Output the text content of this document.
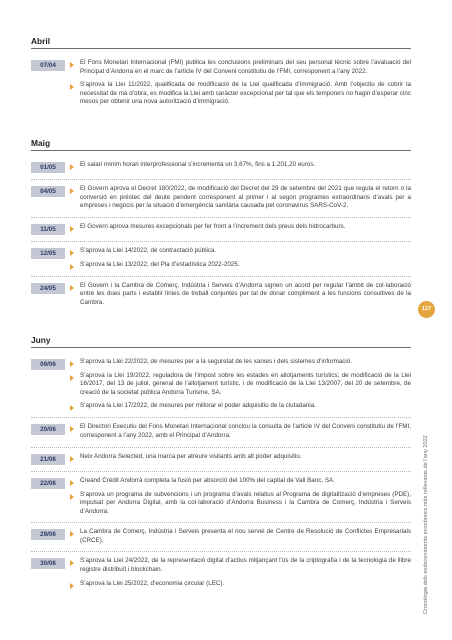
Abril
07/04	El Fons Monetari Internacional (FMI) publica les conclusions preliminars del seu personal tècnic sobre l’avaluació del Principat d’Andorra en el marc de l’article IV del Conveni constitutiu de l’FMI, corresponent a l’any 2022.
S’aprova la Llei 11/2022, qualificada de modificació de la Llei qualificada d’immigració. Amb l’objectiu de cobrir la necessitat de mà d’obra, es modifica la Llei amb caràcter excepcional per tal que els temporers no hagin d’esperar cinc mesos per obtenir una nova autorització d’immigració.
Maig
01/05	El salari mínim horari interprofessional s’incrementa un 3,67%, fins a 1.201,20 euros.
04/05	El Govern aprova el Decret 180/2022, de modificació del Decret del 29 de setembre del 2021 que regula el retorn o la conversió en préstec del deute pendent corresponent al primer i al segon programes extraordinaris d’avals per a empreses i negocis per la situació d’emergència sanitària causada pel coronavirus SARS-CoV-2.
11/05	El Govern aprova mesures excepcionals per fer front a l’increment dels preus dels hidrocarburs.
12/05	S’aprova la Llei 14/2022, de contractació pública.
S’aprova la Llei 13/2022, del Pla d’estadística 2022-2025.
24/05	El Govern i la Cambra de Comerç, Indústria i Serveis d’Andorra signen un acord per regular l’àmbit de col·laboració entre les dues parts i establir línies de treball conjuntes per tal de donar compliment a les funcions consultives de la Cambra.
Juny
09/06	S’aprova la Llei 22/2022, de mesures per a la seguretat de les xarxes i dels sistemes d’informació.
S’aprova la Llei 19/2022, reguladora de l’impost sobre les estades en allotjaments turístics; de modificació de la Llei 16/2017, del 13 de juliol, general de l’allotjament turístic, i de modificació de la Llei 13/2007, del 20 de setembre, de creació de la societat pública Andorra Turisme, SA.
S’aprova la Llei 17/2022, de mesures per millorar el poder adquisitiu de la ciutadania.
20/06	El Directori Executiu del Fons Monetari Internacional conclou la consulta de l’article IV del Conveni constitutiu de l’FMI, corresponent a l’any 2022, amb el Principat d’Andorra.
21/06	Neix Andorra Selected, una marca per atreure visitants amb alt poder adquisitiu.
22/06	Creand Crèdit Andorrà completa la fusió per absorció del 100% del capital de Vall Banc, SA.
S’aprova un programa de subvencions i un programa d’avals relatius al Programa de digitalització d’empreses (PDE), impulsat per Andorra Digital, amb la col·laboració d’Andorra Business i la Cambra de Comerç, Indústria i Serveis d’Andorra.
29/06	La Cambra de Comerç, Indústria i Serveis presenta el nou servei de Centre de Resolució de Conflictes Empresarials (CRCE).
30/06	S’aprova la Llei 24/2022, de la representació digital d’actius mitjançant l’ús de la criptografia i de la tecnologia de llibre registre distribuït i blockchain.
S’aprova la Llei 25/2022, d’economia circular (LEC).
127
Cronologia dels esdeveniments econòmics més rellevants de l’any 2022
